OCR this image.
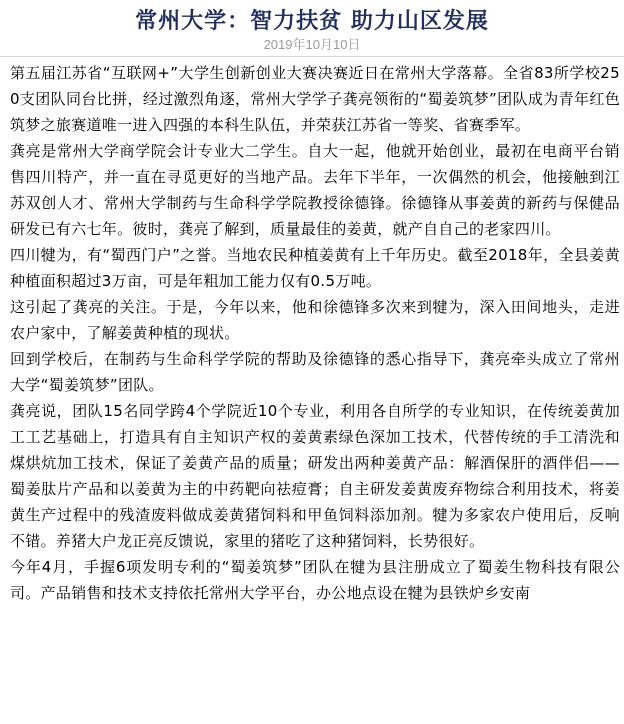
常州大学：智力扶贫 助力山区发展
2019年10月10日

第五届江苏省“互联网+”大学生创新创业大赛决赛近日在常州大学落幕。全省83所学校250支团队同台比拼，经过激烈角逐，常州大学学子龚亮领衔的“蜀姜筑梦”团队成为青年红色筑梦之旅赛道唯一进入四强的本科生队伍，并荣获江苏省一等奖、省赛季军。

龚亮是常州大学商学院会计专业大二学生。自大一起，他就开始创业，最初在电商平台销售四川特产，并一直在寻觅更好的当地产品。去年下半年，一次偶然的机会，他接触到江苏双创人才、常州大学制药与生命科学学院教授徐德锋。徐德锋从事姜黄的新药与保健品研发已有六七年。彼时，龚亮了解到，质量最佳的姜黄，就产自自己的老家四川。

四川犍为，有“蜀西门户”之誉。当地农民种植姜黄有上千年历史。截至2018年，全县姜黄种植面积超过3万亩，可是年粗加工能力仅有0.5万吨。

这引起了龚亮的关注。于是，今年以来，他和徐德锋多次来到犍为，深入田间地头，走进农户家中，了解姜黄种植的现状。

回到学校后，在制药与生命科学学院的帮助及徐德锋的悉心指导下，龚亮牵头成立了常州大学“蜀姜筑梦”团队。

龚亮说，团队15名同学跨4个学院近10个专业，利用各自所学的专业知识，在传统姜黄加工工艺基础上，打造具有自主知识产权的姜黄素绿色深加工技术，代替传统的手工清洗和煤烘炕加工技术，保证了姜黄产品的质量；研发出两种姜黄产品：解酒保肝的酒伴侣——蜀姜肽片产品和以姜黄为主的中药靶向祛痘膏；自主研发姜黄废弃物综合利用技术，将姜黄生产过程中的残渣废料做成姜黄猪饲料和甲鱼饲料添加剂。犍为多家农户使用后，反响不错。养猪大户龙正亮反馈说，家里的猪吃了这种猪饲料，长势很好。

今年4月，手握6项发明专利的“蜀姜筑梦”团队在犍为县注册成立了蜀姜生物科技有限公司。产品销售和技术支持依托常州大学平台，办公地点设在犍为县铁炉乡安南
